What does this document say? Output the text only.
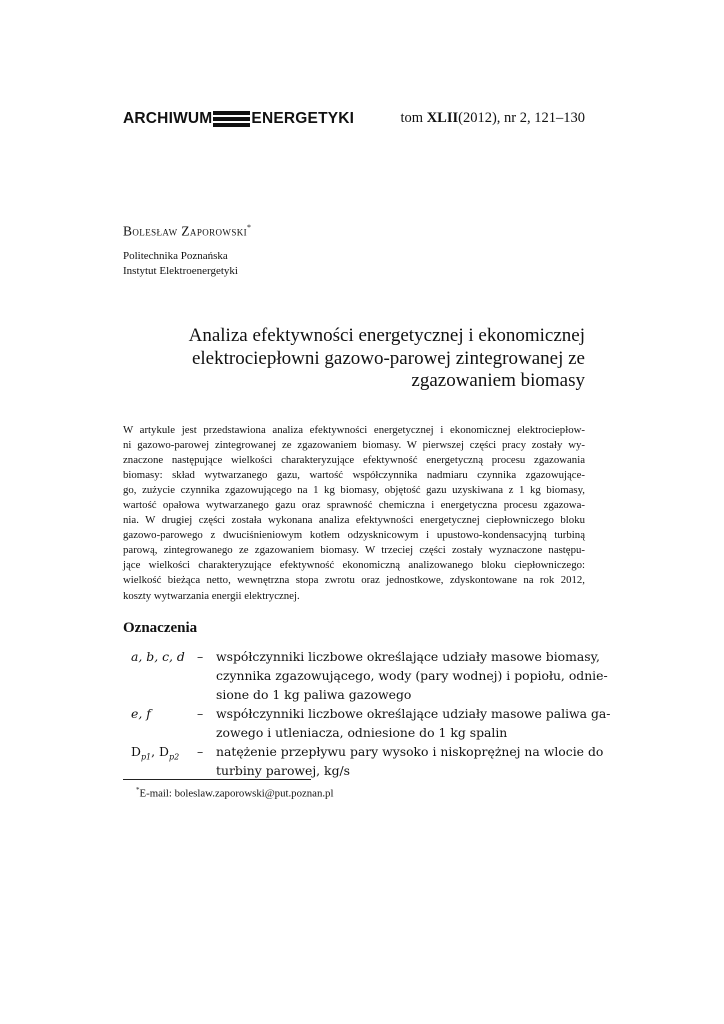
ARCHIWUM	ENERGETYKI	tom XLII(2012), nr 2, 121–130
Bolesław Zaporowski*
Politechnika Poznańska
Instytut Elektroenergetyki
Analiza efektywności energetycznej i ekonomicznej
elektrociepłowni gazowo-parowej zintegrowanej ze
zgazowaniem biomasy
W artykule jest przedstawiona analiza efektywności energetycznej i ekonomicznej elektrociepłow-
ni gazowo-parowej zintegrowanej ze zgazowaniem biomasy. W pierwszej części pracy zostały wy-
znaczone następujące wielkości charakteryzujące efektywność energetyczną procesu zgazowania
biomasy: skład wytwarzanego gazu, wartość współczynnika nadmiaru czynnika zgazowujące-
go, zużycie czynnika zgazowującego na 1 kg biomasy, objętość gazu uzyskiwana z 1 kg biomasy,
wartość opałowa wytwarzanego gazu oraz sprawność chemiczna i energetyczna procesu zgazowa-
nia. W drugiej części została wykonana analiza efektywności energetycznej ciepłowniczego bloku
gazowo-parowego z dwuciśnieniowym kotłem odzysknicowym i upustowo-kondensacyjną turbiną
parową, zintegrowanego ze zgazowaniem biomasy. W trzeciej części zostały wyznaczone następu-
jące wielkości charakteryzujące efektywność ekonomiczną analizowanego bloku ciepłowniczego:
wielkość bieżąca netto, wewnętrzna stopa zwrotu oraz jednostkowe, zdyskontowane na rok 2012,
koszty wytwarzania energii elektrycznej.
Oznaczenia
a, b, c, d – współczynniki liczbowe określające udziały masowe biomasy,
czynnika zgazowującego, wody (pary wodnej) i popiołu, odnie-
sione do 1 kg paliwa gazowego
e, f	– współczynniki liczbowe określające udziały masowe paliwa ga-
zowego i utleniacza, odniesione do 1 kg spalin
$D_{p1}$, $D_{p2}$ – natężenie przepływu pary wysoko i niskoprężnej na wlocie do
turbiny parowej, kg/s
*E-mail: boleslaw.zaporowski@put.poznan.pl
